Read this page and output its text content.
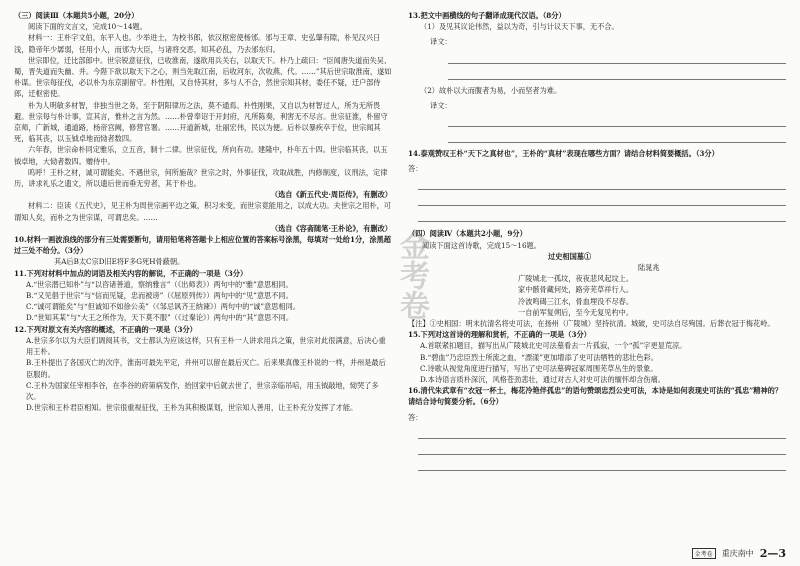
（三）阅读Ⅲ（本题共5小题，20分）

阅读下面的文言文，完成10～14题。

材料一：王朴字文伯，东平人也。少举进士，为校书郎，依汉枢密使杨邠。邠与王章、史弘肇有隙，朴见汉兴日浅，隐帝年少孱弱，任用小人，而邠为大臣，与诸将交恶，知其必乱，乃去邠东归。

世宗即位，迁比部郎中。世宗锐意征伐，已收淮南，遂欲用兵关右，以取天下。朴乃上疏曰：“臣闻唐失道而失吴、蜀，晋失道而失幽、并。今陛下欲以取天下之心，则当先取江南，后收河东，次收燕、代。……”其后世宗取淮南，遂如朴谋。世宗每征伐，必以朴为东京副留守。朴性刚，又自恃其材，多与人不合，然世宗知其材，委任不疑，迁户部侍郎，迁枢密使。

朴为人明敏多材智，非独当世之务，至于阴阳律历之法，莫不通焉。朴性刚果，又自以为材智过人，所为无所畏避。世宗每与朴计事，宣其言，惟朴之言为然。……朴曾奉诏于开封府，凡所陈奏，利害无不尽言。世宗征淮，朴留守京师，广新城，通道路，杨帝宫阙，修营官署。……开道新城，壮丽宏伟，民以为便。后朴以暴疾卒于位，世宗闻其死，临其丧，以玉钺卓地而恸者数四。

六年春，世宗命朴同定雅乐，立五音，制十二律。世宗征伐，所向有功。建隆中，朴年五十四。世宗临其丧，以玉钺卓地，大恸者数四。赠侍中。

呜呼！王朴之材，诚可谓能矣。不遇世宗，何所施哉？世宗之时，外事征伐，攻取战胜，内修制度，议刑法，定律历，讲求礼乐之遗文，所以遗后世而垂无穷者，其于朴也。

（选自《新五代史·周臣传》，有删改）

材料二：臣读《五代史》，见王朴为周世宗画平边之策，积习未变，而世宗竟能用之，以成大功。夫世宗之用朴，可谓知人矣，而朴之为世宗谋，可谓忠矣。……

（选自《容斋随笔·王朴论》，有删改）

10.材料一画波浪线的部分有三处需要断句，请用铅笔将答题卡上相应位置的答案标号涂黑，每填对一处给1分，涂黑超过三处不给分。（3分）

其A后B太C宗D旧E将F多G死H骨蔽朝。

11.下列对材料中加点的词语及相关内容的解说，不正确的一项是（3分）

A.“世宗潜已知朴”与“以咨诸善道，察纳雅言”（《出师表》）两句中的“雅”意思相同。

B.“又见倡于世宗”与“信而见疑，忠而被谤”（《屈原列传》）两句中的“见”意思不同。

C.“诚可谓能矣”与“但诚知不如徐公美”（《邹忌讽齐王纳谏》）两句中的“诚”意思相同。

D.“世知其某”与“大王之所作为，天下莫不服”（《过秦论》）两句中的“其”意思不同。

12.下列对原文有关内容的概述，不正确的一项是（3分）

A.世宗多尔以为大臣们调阅其书，文士都认为应该这样，只有王朴一人讲求用兵之策，世宗对此很满意，后决心重用王朴。

B.王朴提出了各国灭亡的次序，淮南可最先平定，并州可以留在最后灭亡。后来果真像王朴说的一样，并州是最后臣服的。

C.王朴为国家任宰相李谷，在李谷的府第病发作，抬回家中后就去世了，世宗亲临吊唁，用玉钺敲地，恸哭了多次。

D.世宗和王朴君臣相知。世宗很重视征伐，王朴为其积极谋划，世宗知人善用，让王朴充分发挥了才能。

金考卷

13.把文中画横线的句子翻译成现代汉语。（8分）

（1）及见其议论伟然，益以为奇，引与计议天下事，无不合。

译文：

（2）故朴以大而腹者为易，小而坚者为难。

译文：

14.泰观赞叹王朴“天下之真材也”，王朴的“真材”表现在哪些方面？请结合材料简要概括。（3分）

答：

（四）阅读Ⅳ（本题共2小题，9分）

阅读下面这首诗歌，完成15～16题。

过史相国墓①

陆晁兆

广陵城北一孤坟，夜夜悲风起坟上。

家中骸骨藏何处，路旁芜草祥行人。

冷波鸣碣三江水，骨血埋没不尽春。

一自前军复朔后，至今无复见杓中。

【注】①史相国：明末抗清名将史可法，在扬州（广陵城）坚持抗清。城破，史可法自尽殉国。后葬衣冠于梅花岭。

15.下列对这首诗的理解和赏析，不正确的一项是（3分）

A.首联紧扣题目，描写出从广陵城北史可法墓看去一片孤寂，一个“孤”字更显荒凉。

B.“碧血”乃忠臣烈士所流之血，“漂漾”更加增添了史可法牺牲的悲壮色彩。

C.诗歌从视觉角度进行描写，写出了史可法墓碑冠冢周围芜草丛生的景象。

D.本诗语言质朴深沉，风格苍劲悲壮，通过对古人对史可法的缅怀却含伤痛。

16.清代朱武章有“衣冠一杯土，梅花冷艳伴孤忠”的语句赞颂忠烈公史可法，本诗是如何表现史可法的“孤忠”精神的？请结合诗句简要分析。（6分）

答：

金考卷	重庆南中 2—3
